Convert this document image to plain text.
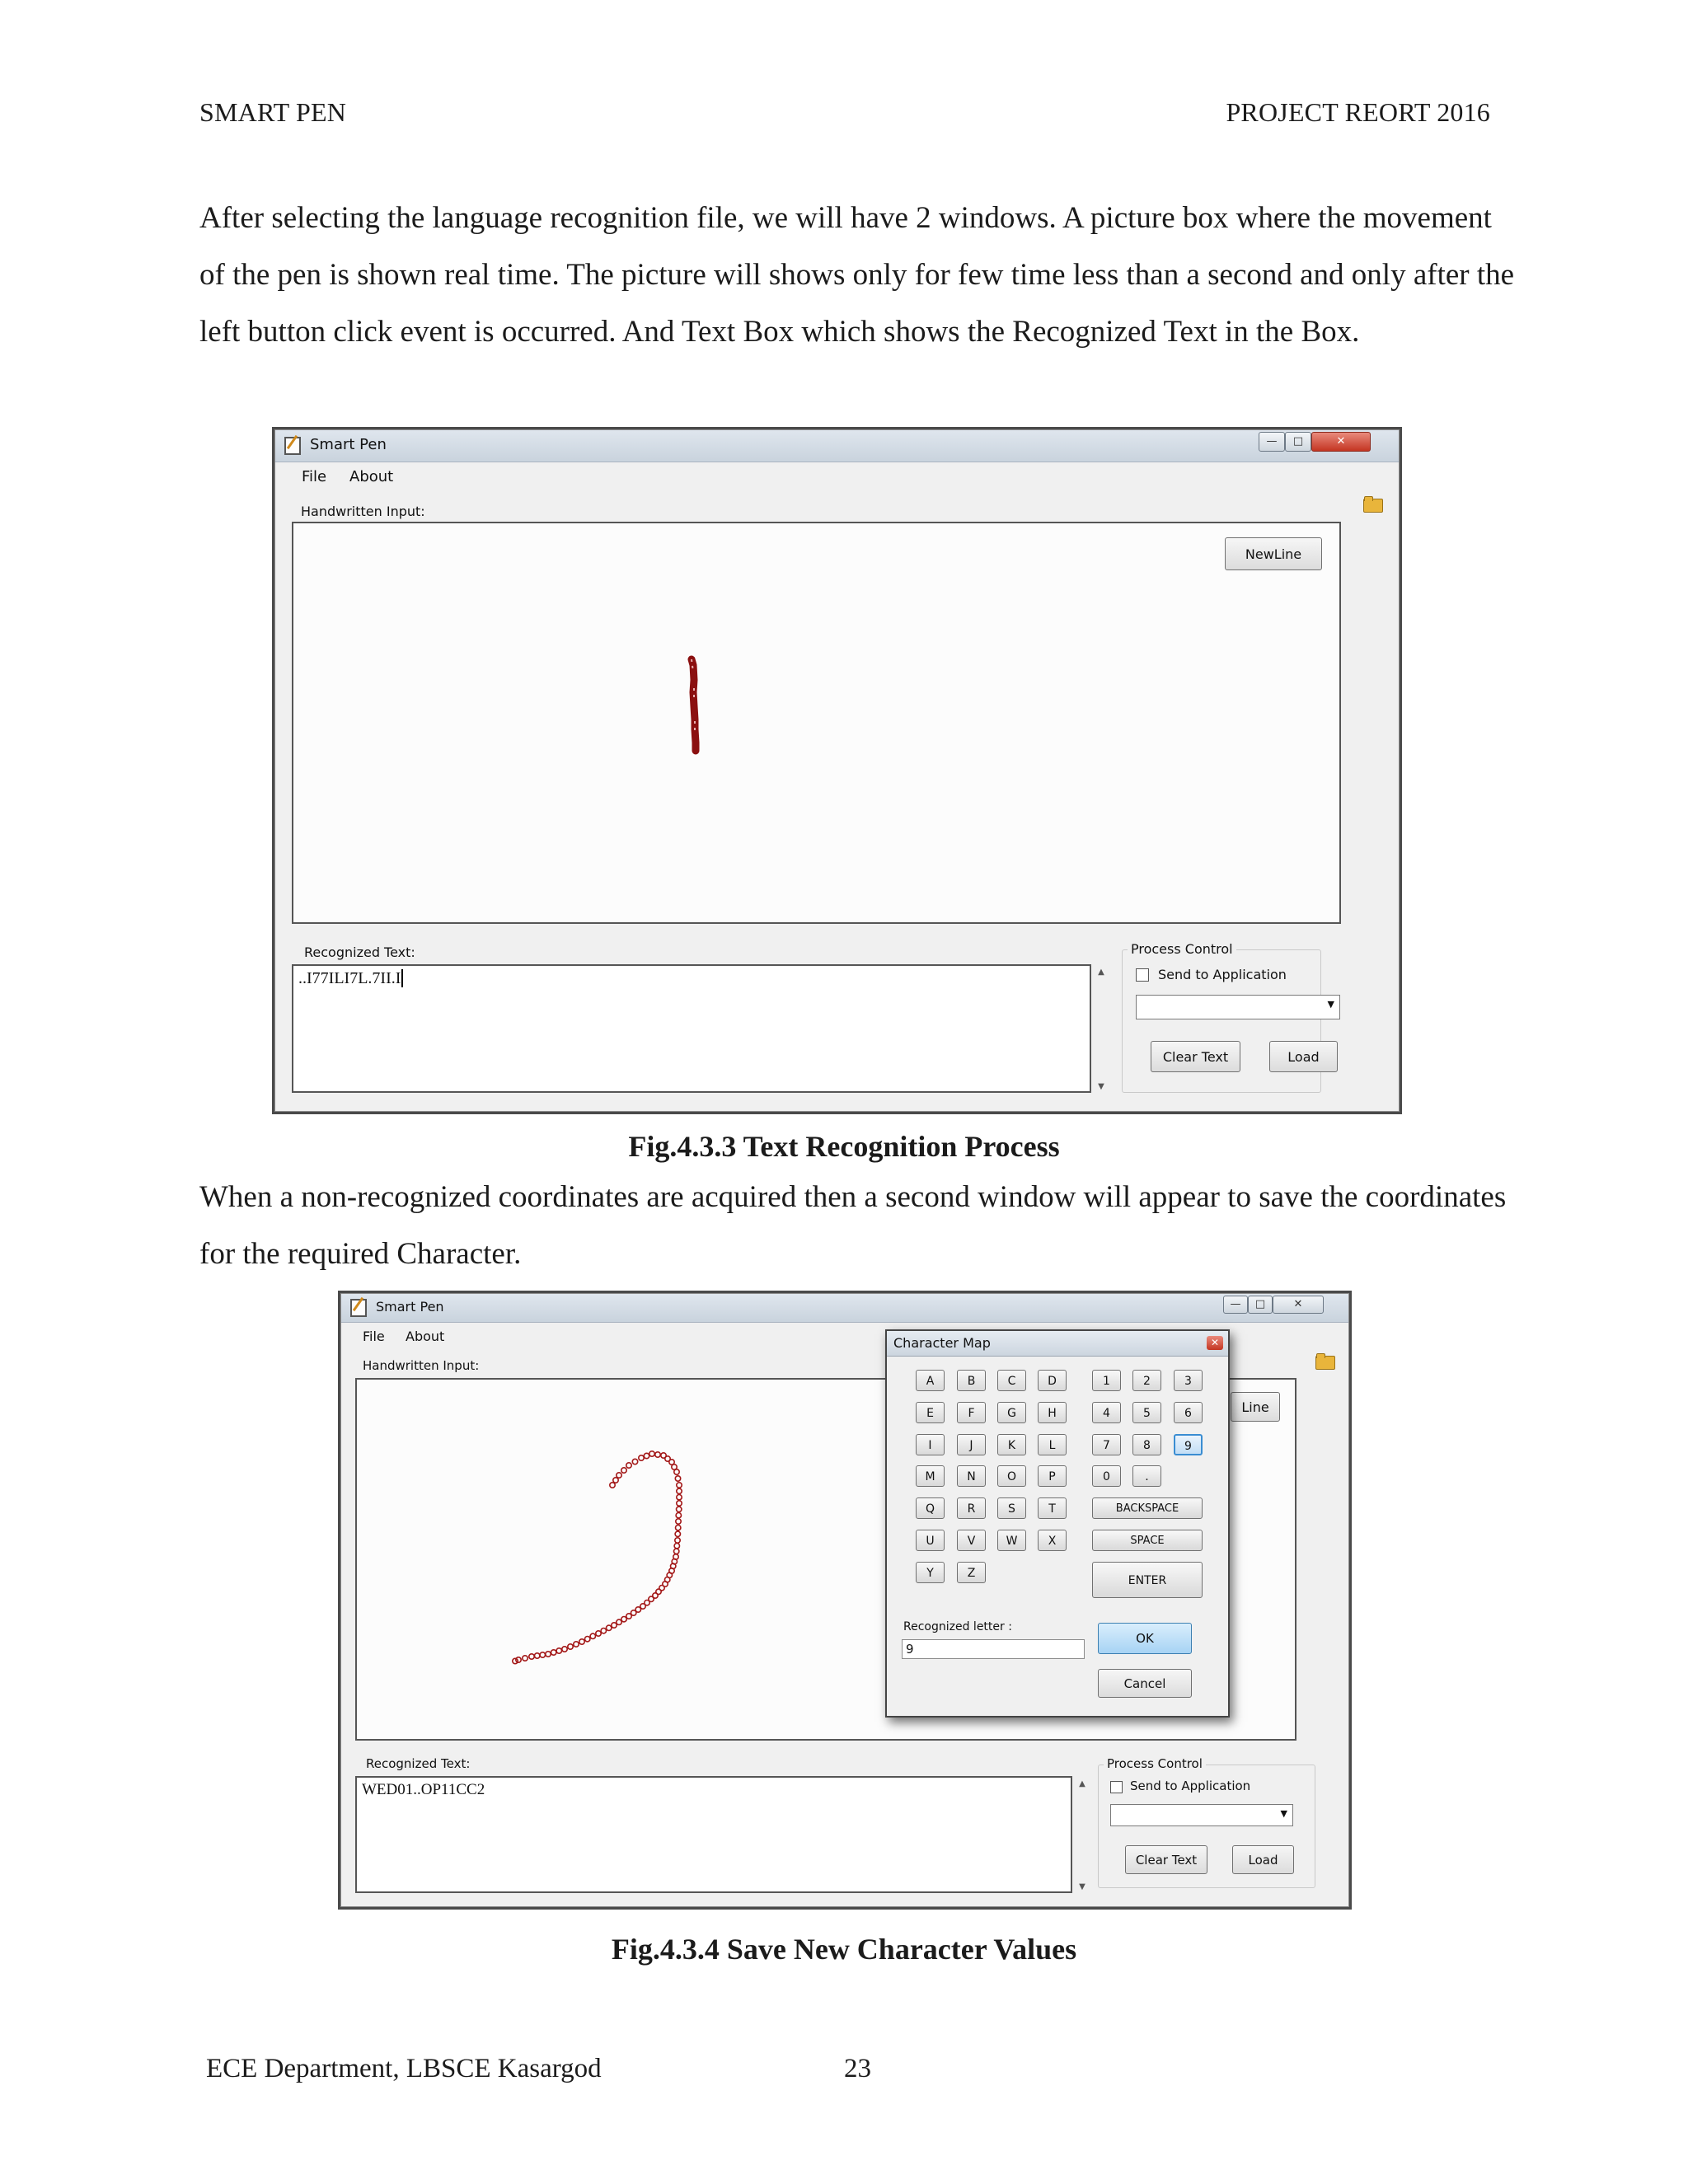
SMART PEN	PROJECT REORT 2016

After selecting the language recognition file, we will have 2 windows. A picture box where the movement of the pen is shown real time. The picture will shows only for few time less than a second and only after the left button click event is occurred. And Text Box which shows the Recognized Text in the Box.

Smart Pen	—	□	✕
File About
Handwritten Input:
NewLine
Recognized Text:
..I77ILI7L.7II.I	▲
▼
Process Control
Send to Application
▼
Clear Text	Load
Fig.4.3.3 Text Recognition Process

When a non-recognized coordinates are acquired then a second window will appear to save the coordinates for the required Character.

Smart Pen	—	□	✕
File About
Handwritten Input:
Line
Recognized Text:
WED01..OP11CC2	▲
▼
Process Control
Send to Application
▼
Clear Text	Load
Character Map	✕
A	B	C	D
E	F	G	H
I	J	K	L
M	N	O	P
Q	R	S	T
U	V	W	X
Y	Z
1	2	3
4	5	6
7	8	9
0	.
BACKSPACE
SPACE
ENTER
Recognized letter :
9
OK
Cancel
Fig.4.3.4 Save New Character Values
ECE Department, LBSCE Kasargod	23
